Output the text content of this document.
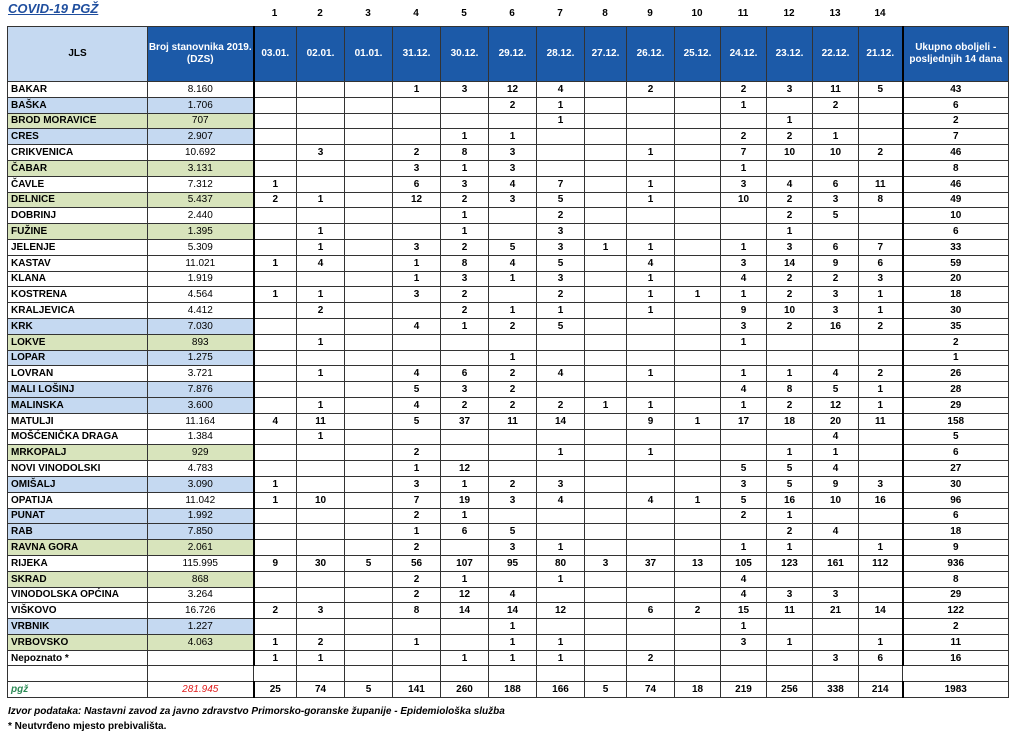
COVID-19 PGŽ	1	2	3	4	5	6	7	8	9	10	11	12	13	14
JLS	Broj stanovnika 2019. (DZS)	03.01.	02.01.	01.01.	31.12.	30.12.	29.12.	28.12.	27.12.	26.12.	25.12.	24.12.	23.12.	22.12.	21.12.	Ukupno oboljeli - posljednjih 14 dana
BAKAR	8.160				1	3	12	4		2		2	3	11	5	43
BAŠKA	1.706						2	1				1		2		6
BROD MORAVICE	707							1					1			2
CRES	2.907					1	1					2	2	1		7
CRIKVENICA	10.692		3		2	8	3			1		7	10	10	2	46
ČABAR	3.131				3	1	3					1				8
ČAVLE	7.312	1			6	3	4	7		1		3	4	6	11	46
DELNICE	5.437	2	1		12	2	3	5		1		10	2	3	8	49
DOBRINJ	2.440					1		2					2	5		10
FUŽINE	1.395		1			1		3					1			6
JELENJE	5.309		1		3	2	5	3	1	1		1	3	6	7	33
KASTAV	11.021	1	4		1	8	4	5		4		3	14	9	6	59
KLANA	1.919				1	3	1	3		1		4	2	2	3	20
KOSTRENA	4.564	1	1		3	2		2		1	1	1	2	3	1	18
KRALJEVICA	4.412		2			2	1	1		1		9	10	3	1	30
KRK	7.030				4	1	2	5				3	2	16	2	35
LOKVE	893		1									1				2
LOPAR	1.275						1									1
LOVRAN	3.721		1		4	6	2	4		1		1	1	4	2	26
MALI LOŠINJ	7.876				5	3	2					4	8	5	1	28
MALINSKA	3.600		1		4	2	2	2	1	1		1	2	12	1	29
MATULJI	11.164	4	11		5	37	11	14		9	1	17	18	20	11	158
MOŠĆENIČKA DRAGA	1.384		1											4		5
MRKOPALJ	929				2			1		1			1	1		6
NOVI VINODOLSKI	4.783				1	12						5	5	4		27
OMIŠALJ	3.090	1			3	1	2	3				3	5	9	3	30
OPATIJA	11.042	1	10		7	19	3	4		4	1	5	16	10	16	96
PUNAT	1.992				2	1						2	1			6
RAB	7.850				1	6	5						2	4		18
RAVNA GORA	2.061				2		3	1				1	1		1	9
RIJEKA	115.995	9	30	5	56	107	95	80	3	37	13	105	123	161	112	936
SKRAD	868				2	1		1				4				8
VINODOLSKA OPĆINA	3.264				2	12	4					4	3	3		29
VIŠKOVO	16.726	2	3		8	14	14	12		6	2	15	11	21	14	122
VRBNIK	1.227						1					1				2
VRBOVSKO	4.063	1	2		1		1	1				3	1		1	11
Nepoznato *		1	1			1	1	1		2				3	6	16

pgž	281.945	25	74	5	141	260	188	166	5	74	18	219	256	338	214	1983
Izvor podataka: Nastavni zavod za javno zdravstvo Primorsko-goranske županije - Epidemiološka služba
* Neutvrđeno mjesto prebivališta.
